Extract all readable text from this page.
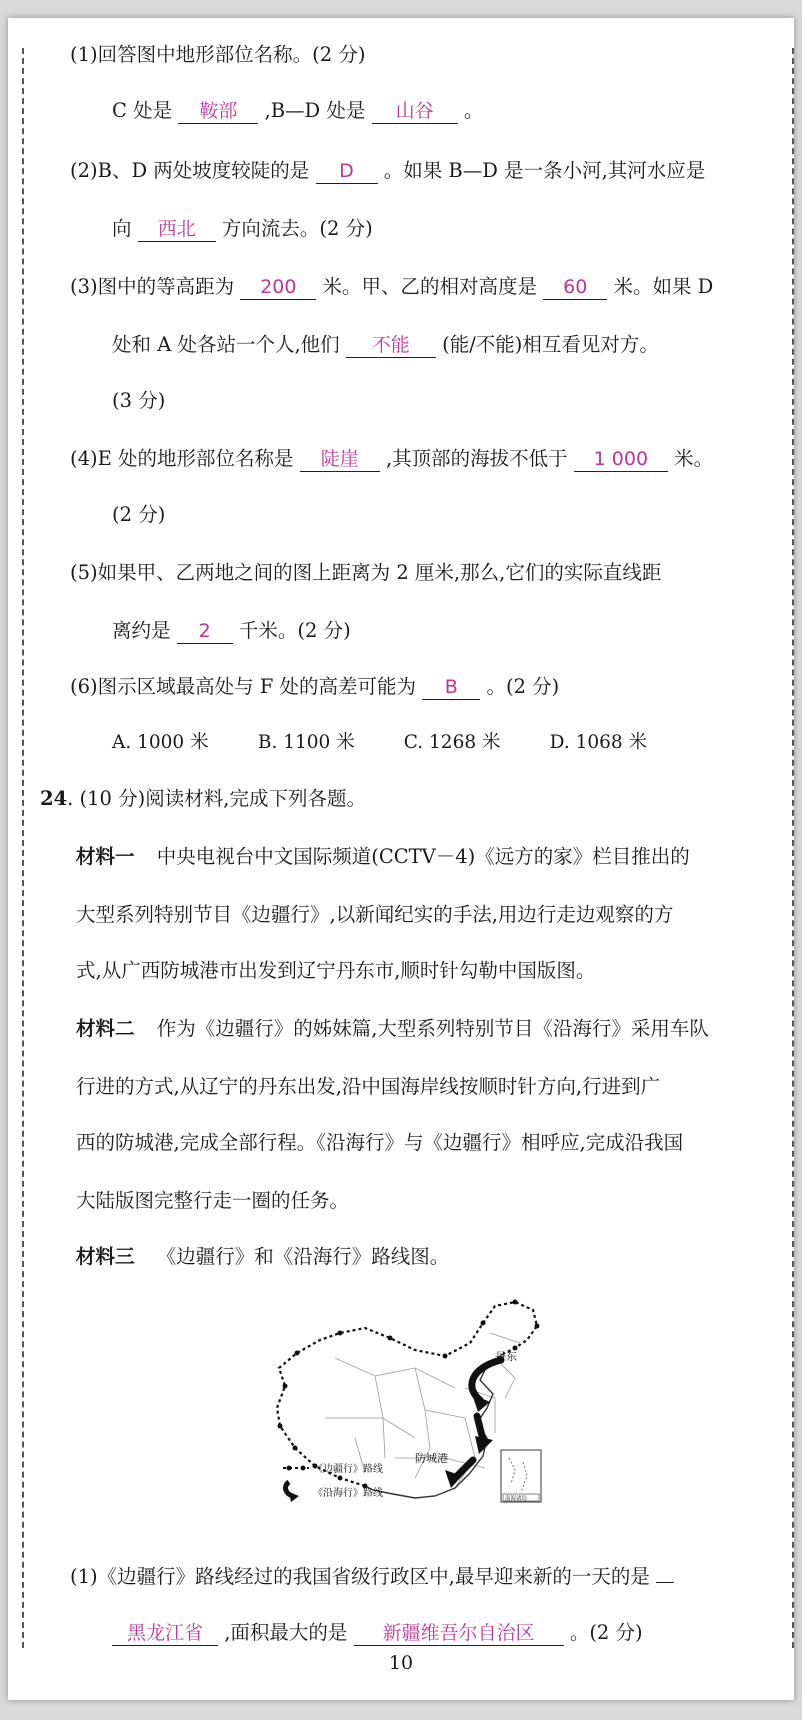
(1)回答图中地形部位名称。(2 分)
C 处是 鞍部 ,B—D 处是 山谷 。
(2)B、D 两处坡度较陡的是 D 。如果 B—D 是一条小河,其河水应是
向 西北 方向流去。(2 分)
(3)图中的等高距为 200 米。甲、乙的相对高度是 60 米。如果 D
处和 A 处各站一个人,他们 不能 (能/不能)相互看见对方。
(3 分)
(4)E 处的地形部位名称是 陡崖 ,其顶部的海拔不低于 1 000 米。
(2 分)
(5)如果甲、乙两地之间的图上距离为 2 厘米,那么,它们的实际直线距
离约是 2 千米。(2 分)
(6)图示区域最高处与 F 处的高差可能为 B 。(2 分)
A. 1000 米	B. 1100 米	C. 1268 米	D. 1068 米
24. (10 分)阅读材料,完成下列各题。
材料一 中央电视台中文国际频道(CCTV－4)《远方的家》栏目推出的
大型系列特别节目《边疆行》,以新闻纪实的手法,用边行走边观察的方
式,从广西防城港市出发到辽宁丹东市,顺时针勾勒中国版图。
材料二 作为《边疆行》的姊妹篇,大型系列特别节目《沿海行》采用车队
行进的方式,从辽宁的丹东出发,沿中国海岸线按顺时针方向,行进到广
西的防城港,完成全部行程。《沿海行》与《边疆行》相呼应,完成沿我国
大陆版图完整行走一圈的任务。
材料三 《边疆行》和《沿海行》路线图。
丹东
防城港
《边疆行》路线
《沿海行》路线	南海诸岛
(1)《边疆行》路线经过的我国省级行政区中,最早迎来新的一天的是
黑龙江省 ,面积最大的是 新疆维吾尔自治区 。(2 分)
10
